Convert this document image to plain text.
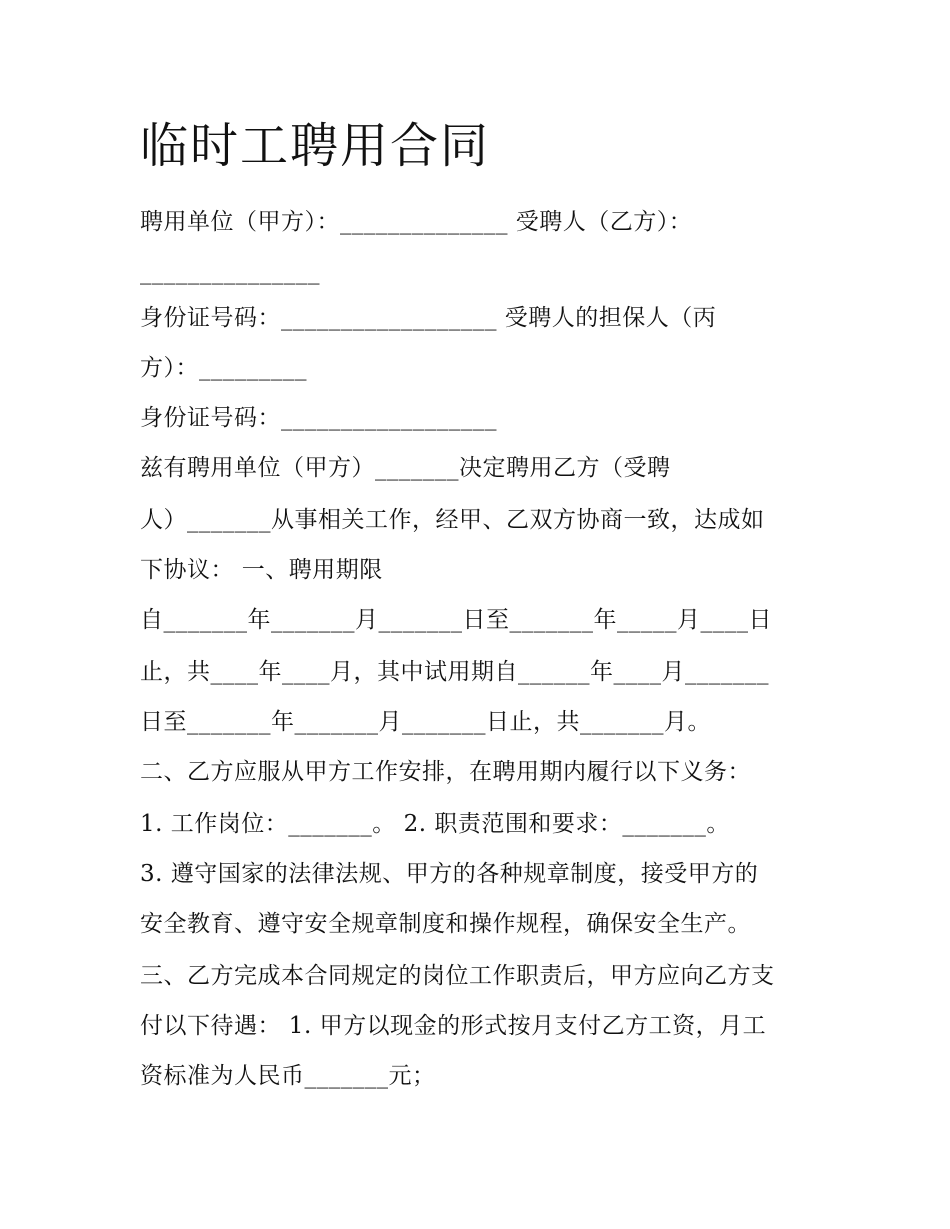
临时工聘用合同
聘用单位（甲方）：______________ 受聘人（乙方）：
_______________
身份证号码：__________________ 受聘人的担保人（丙
方）：_________
身份证号码：__________________
兹有聘用单位（甲方）_______决定聘用乙方（受聘
人）_______从事相关工作，经甲、乙双方协商一致，达成如
下协议： 一、聘用期限
自_______年_______月_______日至_______年_____月____日
止，共____年____月，其中试用期自______年____月_______
日至_______年_______月_______日止，共_______月。
二、乙方应服从甲方工作安排，在聘用期内履行以下义务：
1. 工作岗位：_______。 2. 职责范围和要求：_______。
3. 遵守国家的法律法规、甲方的各种规章制度，接受甲方的
安全教育、遵守安全规章制度和操作规程，确保安全生产。
三、乙方完成本合同规定的岗位工作职责后，甲方应向乙方支
付以下待遇： 1. 甲方以现金的形式按月支付乙方工资，月工
资标准为人民币_______元；
